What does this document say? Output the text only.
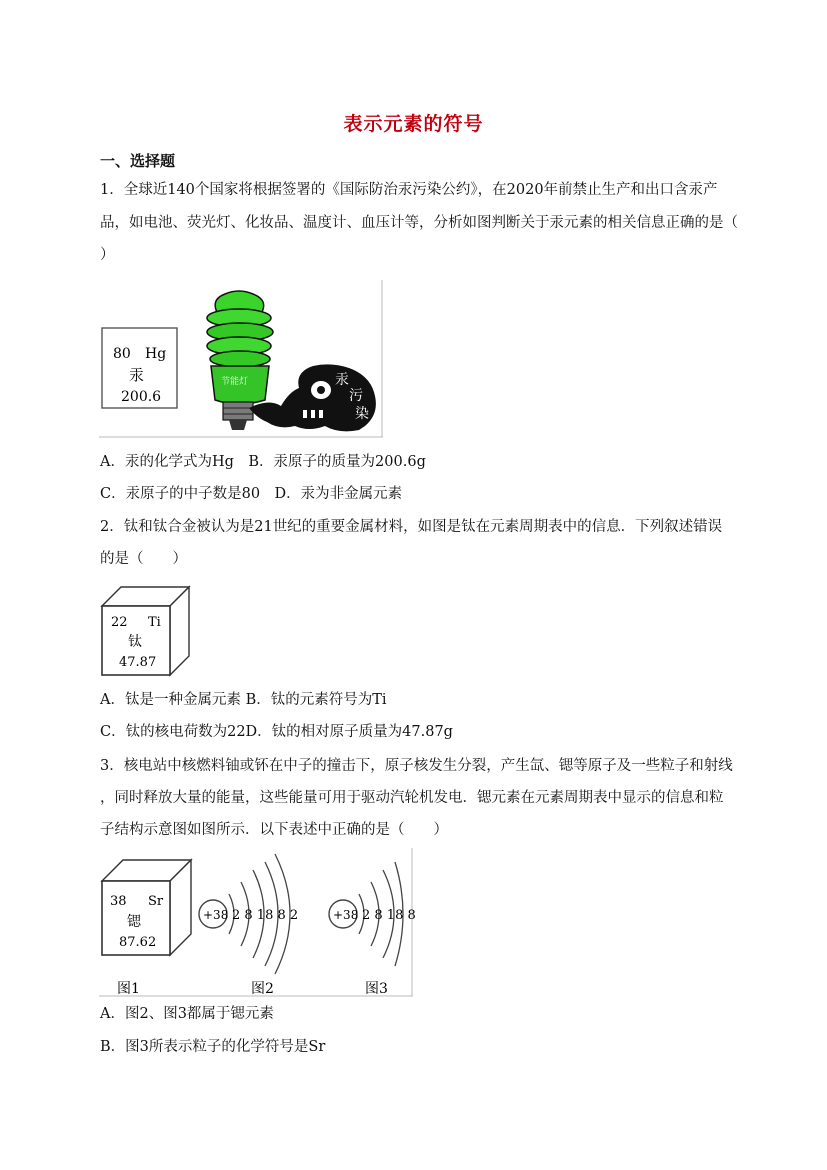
表示元素的符号
一、选择题
1．全球近140个国家将根据签署的《国际防治汞污染公约》，在2020年前禁止生产和出口含汞产
品，如电池、荧光灯、化妆品、温度计、血压计等，分析如图判断关于汞元素的相关信息正确的是（
）
80 Hg
汞
200.6
节能灯	汞
污
染
A．汞的化学式为Hg　B．汞原子的质量为200.6g
C．汞原子的中子数是80　D．汞为非金属元素
2．钛和钛合金被认为是21世纪的重要金属材料，如图是钛在元素周期表中的信息．下列叙述错误
的是（　　）
22 Ti
钛
47.87
A．钛是一种金属元素 B．钛的元素符号为Ti
C．钛的核电荷数为22D．钛的相对原子质量为47.87g
3．核电站中核燃料铀或钚在中子的撞击下，原子核发生分裂，产生氙、锶等原子及一些粒子和射线
，同时释放大量的能量，这些能量可用于驱动汽轮机发电．锶元素在元素周期表中显示的信息和粒
子结构示意图如图所示．以下表述中正确的是（　　）
38 Sr
锶
87.62
+38 2 8 18 8 2	+38 2 8 18 8
图1	图2	图3
A．图2、图3都属于锶元素
B．图3所表示粒子的化学符号是Sr
